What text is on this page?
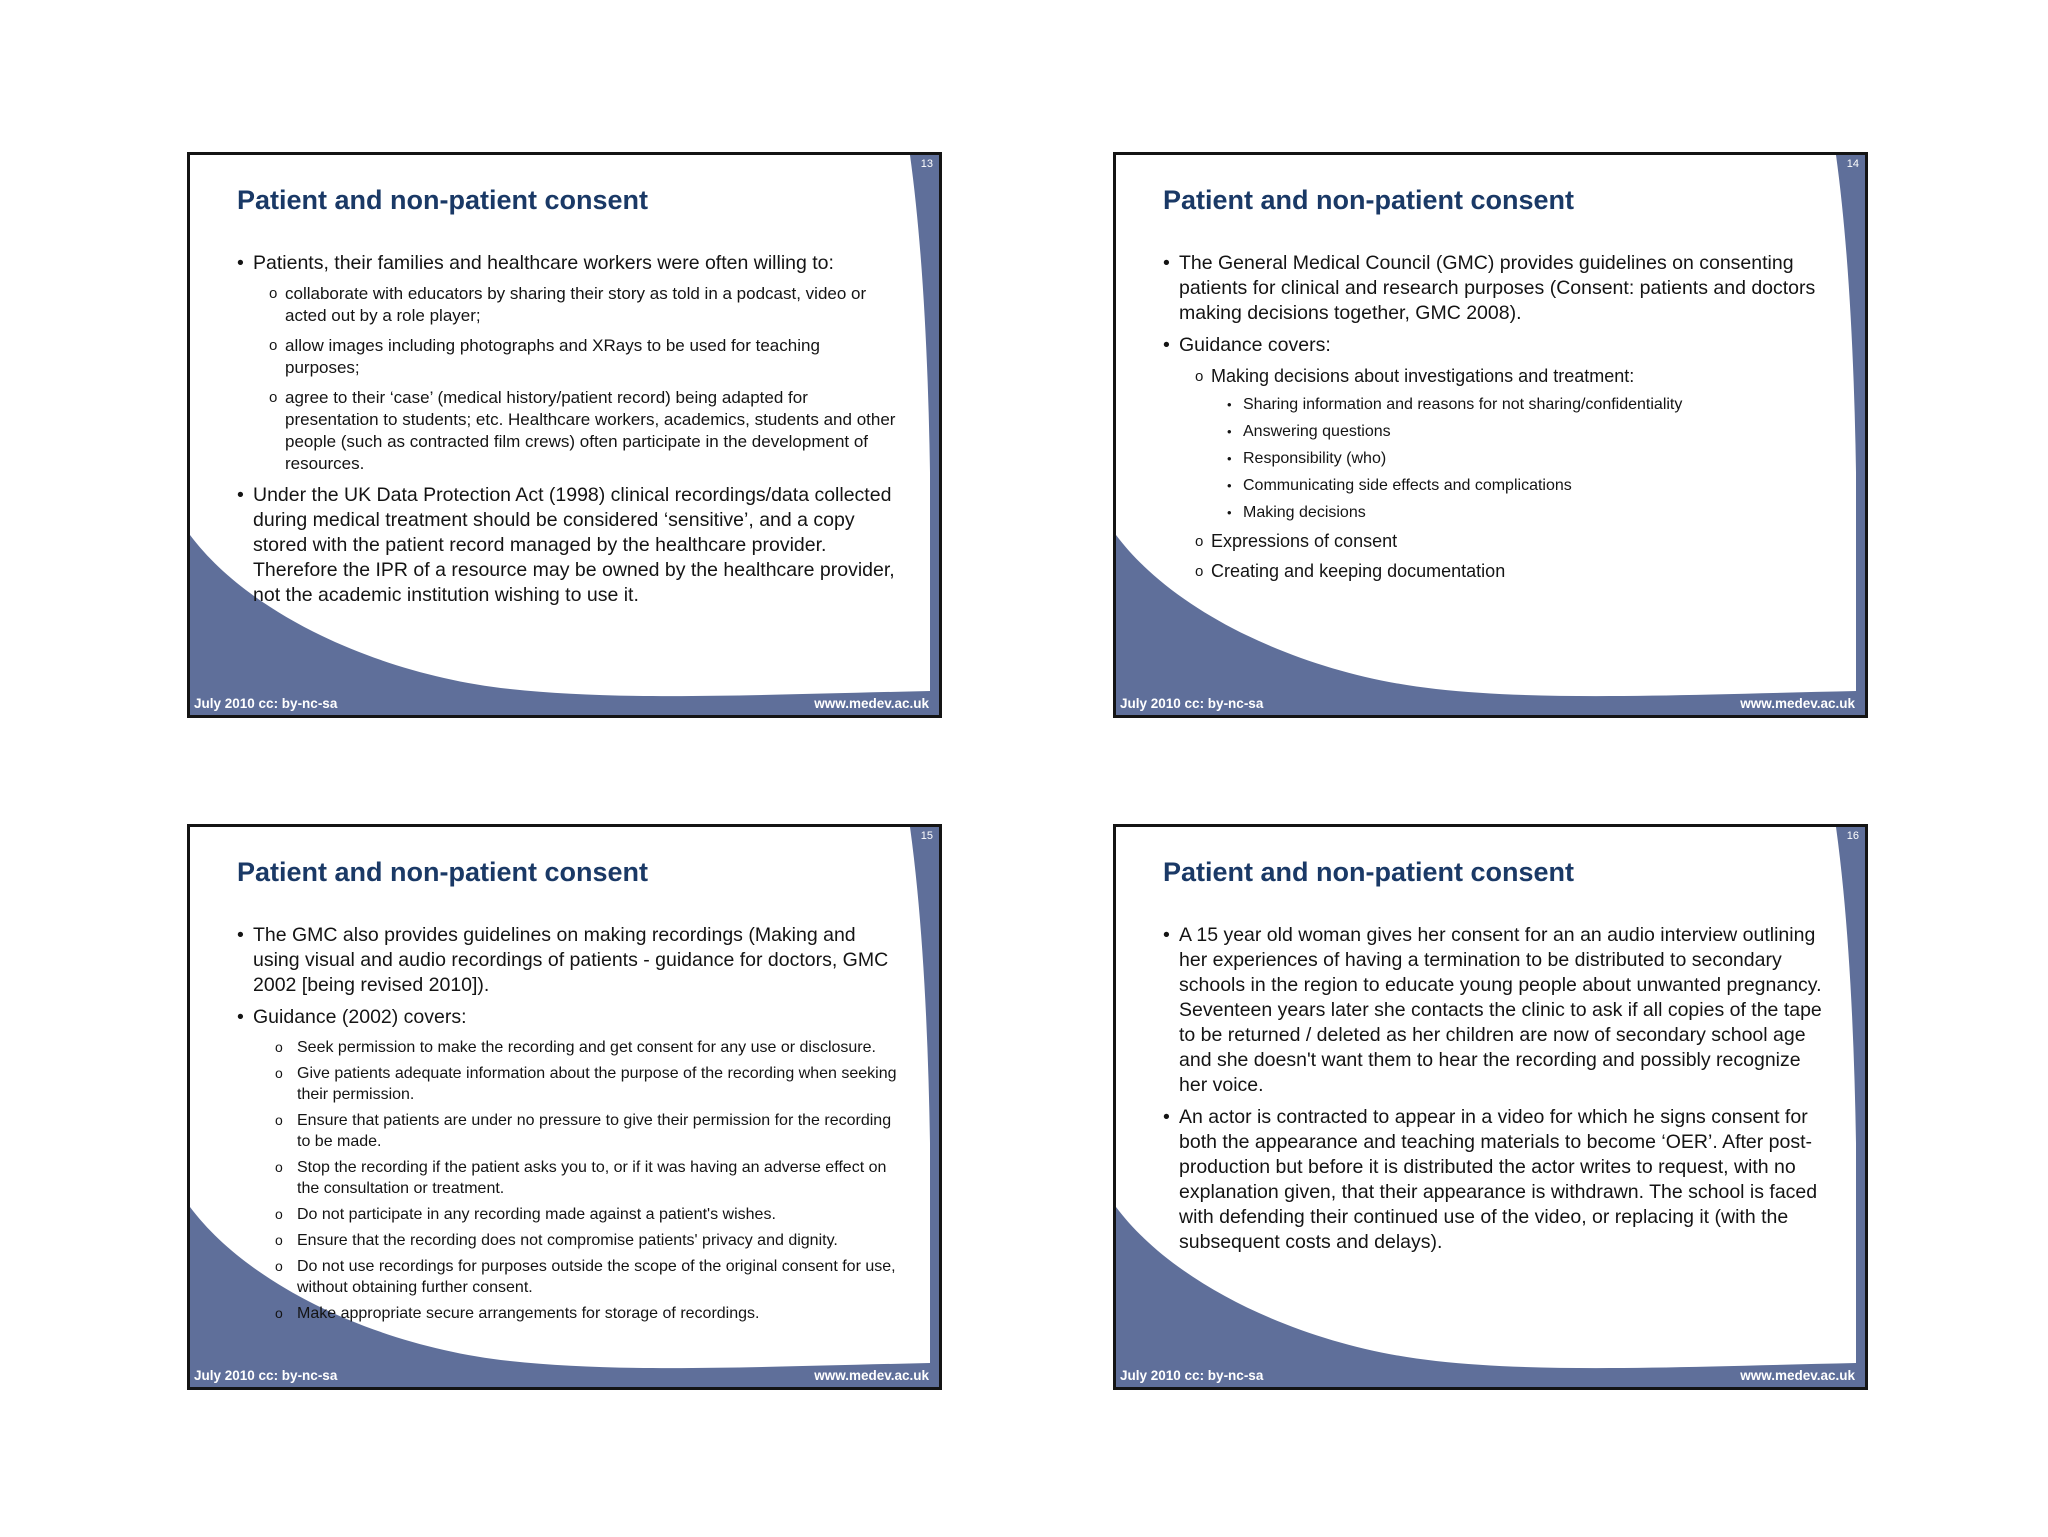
13
Patient and non-patient consent
• Patients, their families and healthcare workers were often willing to:
o collaborate with educators by sharing their story as told in a podcast, video or acted out by a role player;
o allow images including photographs and XRays to be used for teaching purposes;
o agree to their ‘case’ (medical history/patient record) being adapted for presentation to students; etc. Healthcare workers, academics, students and other people (such as contracted film crews) often participate in the development of resources.
• Under the UK Data Protection Act (1998) clinical recordings/data collected during medical treatment should be considered ‘sensitive’, and a copy stored with the patient record managed by the healthcare provider. Therefore the IPR of a resource may be owned by the healthcare provider, not the academic institution wishing to use it.
July 2010 cc: by-nc-sa	www.medev.ac.uk
14
Patient and non-patient consent
• The General Medical Council (GMC) provides guidelines on consenting patients for clinical and research purposes (Consent: patients and doctors making decisions together, GMC 2008).
• Guidance covers:
o Making decisions about investigations and treatment:
• Sharing information and reasons for not sharing/confidentiality
• Answering questions
• Responsibility (who)
• Communicating side effects and complications
• Making decisions
o Expressions of consent
o Creating and keeping documentation
July 2010 cc: by-nc-sa	www.medev.ac.uk
15
Patient and non-patient consent
• The GMC also provides guidelines on making recordings (Making and using visual and audio recordings of patients - guidance for doctors, GMC 2002 [being revised 2010]).
• Guidance (2002) covers:
o Seek permission to make the recording and get consent for any use or disclosure.
o Give patients adequate information about the purpose of the recording when seeking their permission.
o Ensure that patients are under no pressure to give their permission for the recording to be made.
o Stop the recording if the patient asks you to, or if it was having an adverse effect on the consultation or treatment.
o Do not participate in any recording made against a patient's wishes.
o Ensure that the recording does not compromise patients' privacy and dignity.
o Do not use recordings for purposes outside the scope of the original consent for use, without obtaining further consent.
o Make appropriate secure arrangements for storage of recordings.
July 2010 cc: by-nc-sa	www.medev.ac.uk
16
Patient and non-patient consent
• A 15 year old woman gives her consent for an an audio interview outlining her experiences of having a termination to be distributed to secondary schools in the region to educate young people about unwanted pregnancy. Seventeen years later she contacts the clinic to ask if all copies of the tape to be returned / deleted as her children are now of secondary school age and she doesn't want them to hear the recording and possibly recognize her voice.
• An actor is contracted to appear in a video for which he signs consent for both the appearance and teaching materials to become ‘OER’. After post-production but before it is distributed the actor writes to request, with no explanation given, that their appearance is withdrawn. The school is faced with defending their continued use of the video, or replacing it (with the subsequent costs and delays).
July 2010 cc: by-nc-sa	www.medev.ac.uk
